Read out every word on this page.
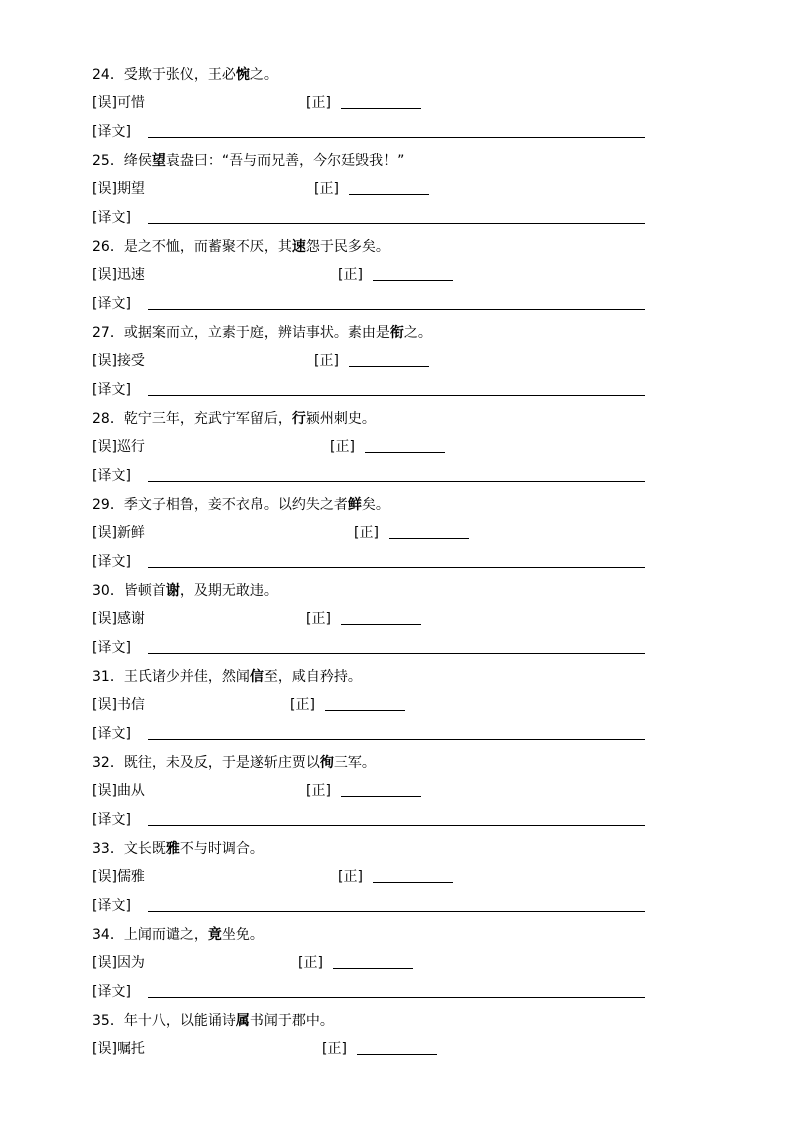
24．受欺于张仪，王必惋之。
[误]可惜	[正]
[译文]
25．绛侯望袁盎曰：“吾与而兄善，今尔廷毁我！”
[误]期望	[正]
[译文]
26．是之不恤，而蓄聚不厌，其速怨于民多矣。
[误]迅速	[正]
[译文]
27．或据案而立，立素于庭，辨诘事状。素由是衔之。
[误]接受	[正]
[译文]
28．乾宁三年，充武宁军留后，行颍州刺史。
[误]巡行	[正]
[译文]
29．季文子相鲁，妾不衣帛。以约失之者鲜矣。
[误]新鲜	[正]
[译文]
30．皆顿首谢，及期无敢违。
[误]感谢	[正]
[译文]
31．王氏诸少并佳，然闻信至，咸自矜持。
[误]书信	[正]
[译文]
32．既往，未及反，于是遂斩庄贾以徇三军。
[误]曲从	[正]
[译文]
33．文长既雅不与时调合。
[误]儒雅	[正]
[译文]
34．上闻而谴之，竟坐免。
[误]因为	[正]
[译文]
35．年十八，以能诵诗属书闻于郡中。
[误]嘱托	[正]
